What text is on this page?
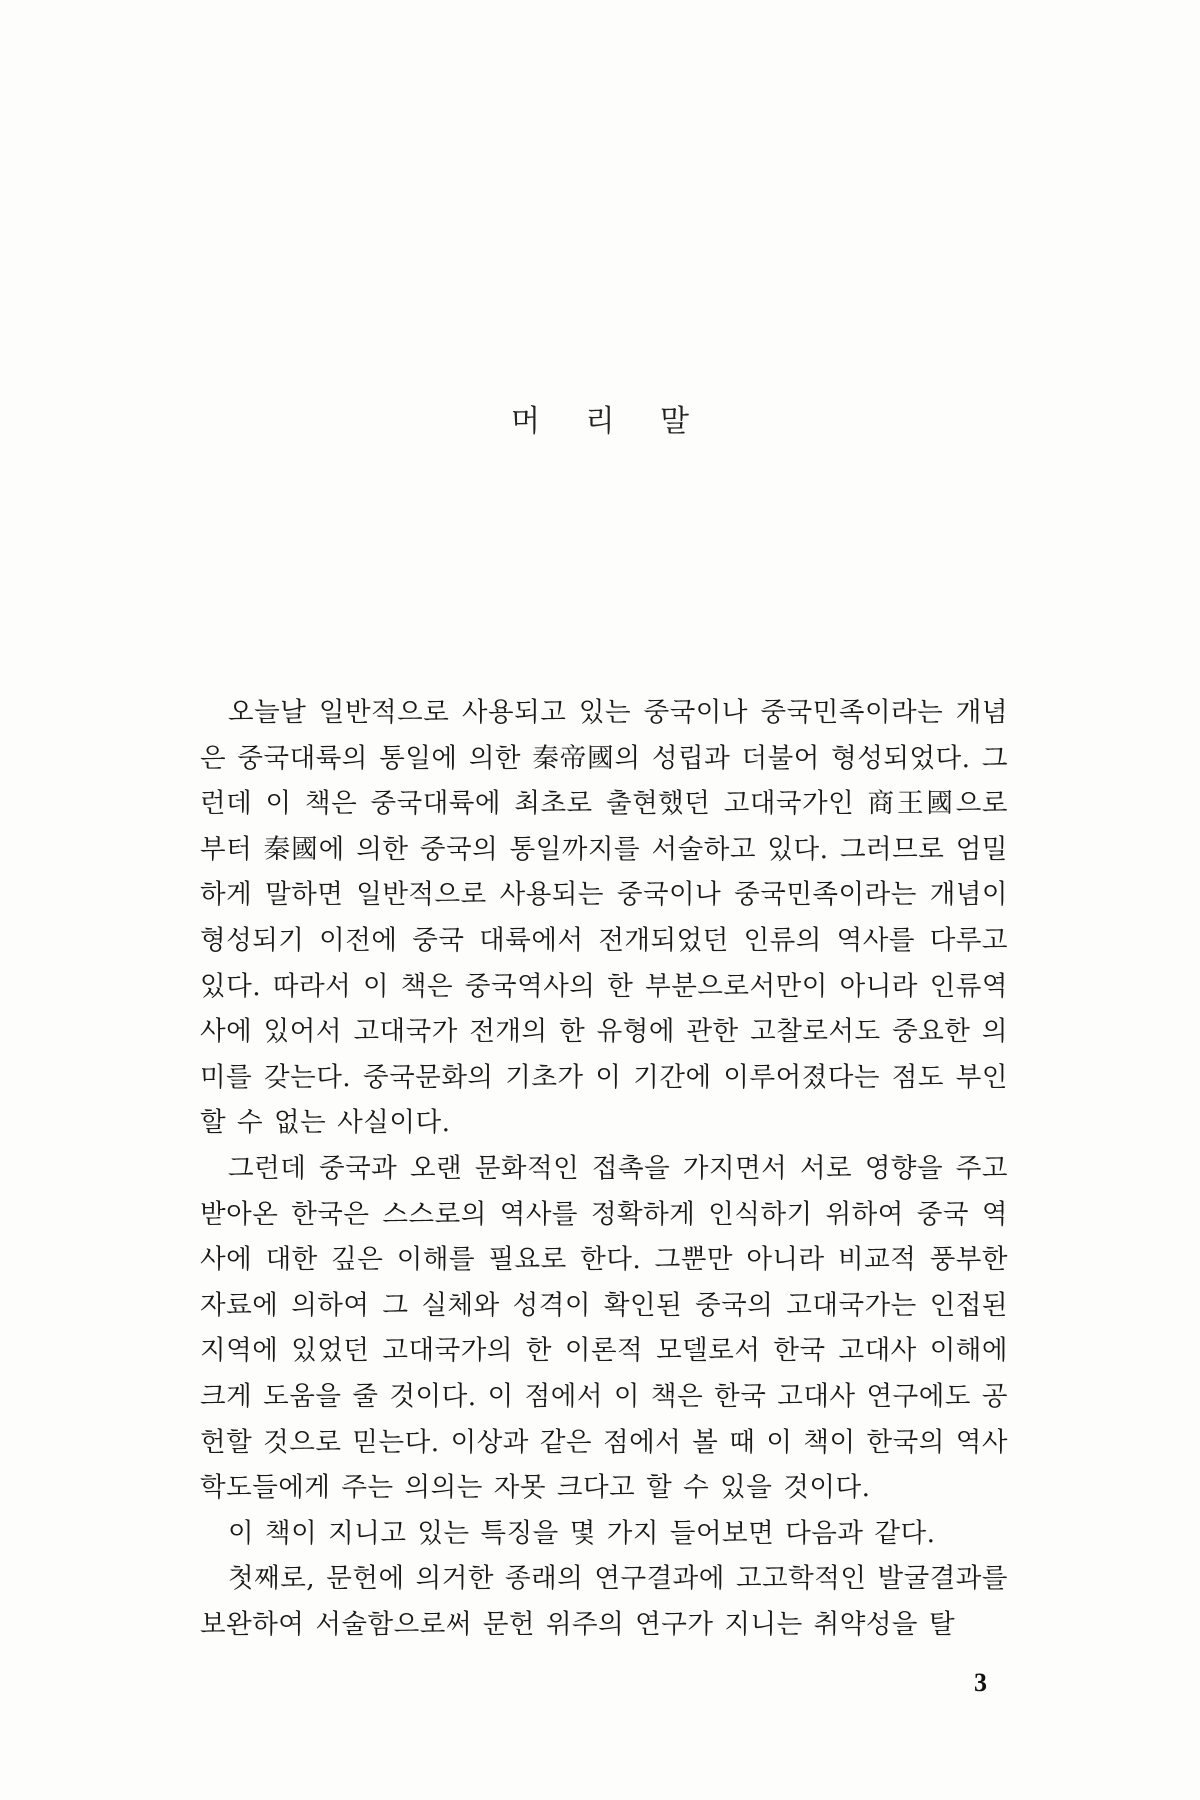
머 리 말

오늘날 일반적으로 사용되고 있는 중국이나 중국민족이라는 개념은 중국대륙의 통일에 의한 秦帝國의 성립과 더불어 형성되었다. 그런데 이 책은 중국대륙에 최초로 출현했던 고대국가인 商王國으로부터 秦國에 의한 중국의 통일까지를 서술하고 있다. 그러므로 엄밀하게 말하면 일반적으로 사용되는 중국이나 중국민족이라는 개념이 형성되기 이전에 중국 대륙에서 전개되었던 인류의 역사를 다루고 있다. 따라서 이 책은 중국역사의 한 부분으로서만이 아니라 인류역사에 있어서 고대국가 전개의 한 유형에 관한 고찰로서도 중요한 의미를 갖는다. 중국문화의 기초가 이 기간에 이루어졌다는 점도 부인할 수 없는 사실이다.

그런데 중국과 오랜 문화적인 접촉을 가지면서 서로 영향을 주고 받아온 한국은 스스로의 역사를 정확하게 인식하기 위하여 중국 역사에 대한 깊은 이해를 필요로 한다. 그뿐만 아니라 비교적 풍부한 자료에 의하여 그 실체와 성격이 확인된 중국의 고대국가는 인접된 지역에 있었던 고대국가의 한 이론적 모델로서 한국 고대사 이해에 크게 도움을 줄 것이다. 이 점에서 이 책은 한국 고대사 연구에도 공헌할 것으로 믿는다. 이상과 같은 점에서 볼 때 이 책이 한국의 역사학도들에게 주는 의의는 자못 크다고 할 수 있을 것이다.

이 책이 지니고 있는 특징을 몇 가지 들어보면 다음과 같다.

첫째로, 문헌에 의거한 종래의 연구결과에 고고학적인 발굴결과를 보완하여 서술함으로써 문헌 위주의 연구가 지니는 취약성을 탈

3
